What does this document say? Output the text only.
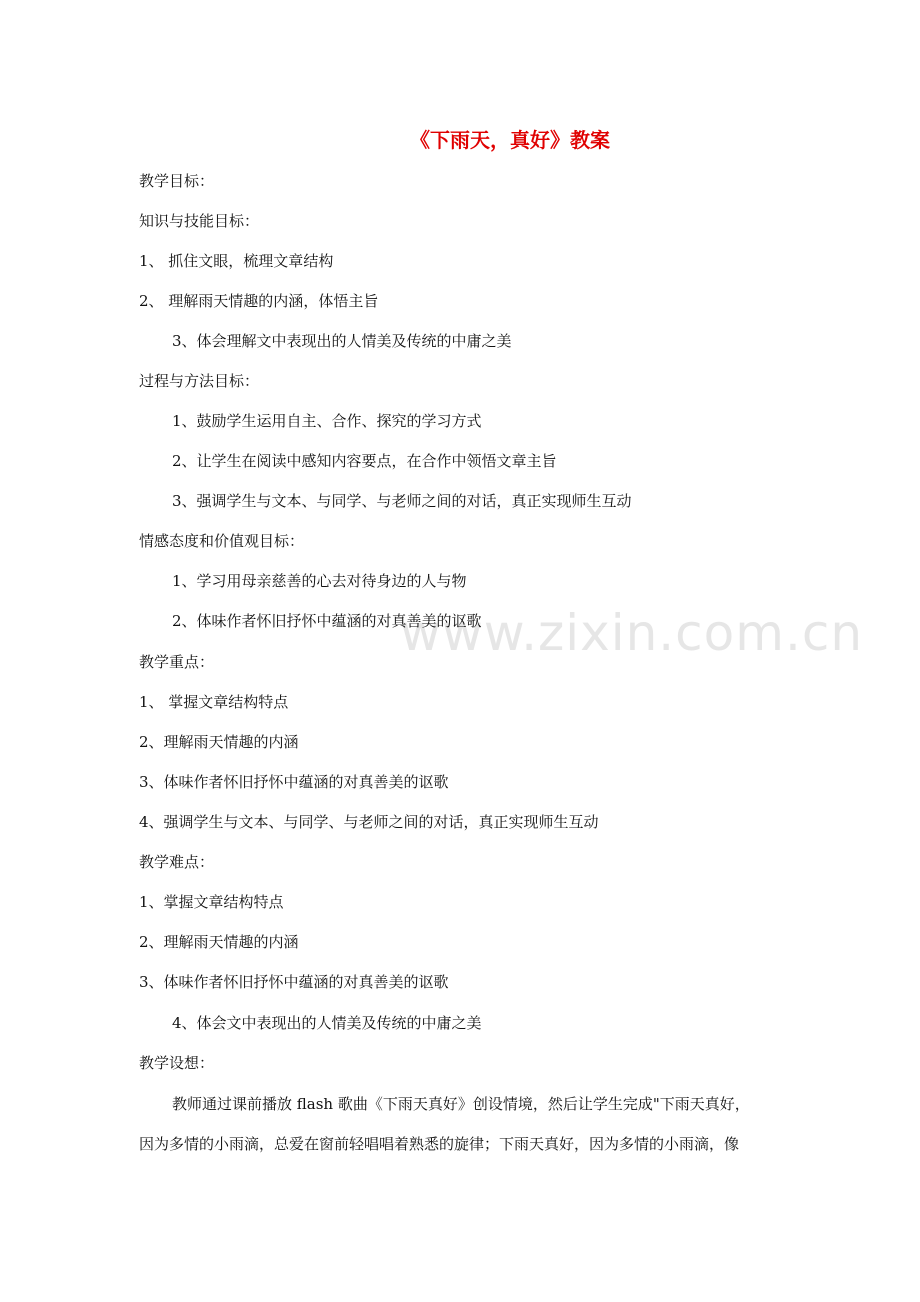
www.zixin.com.cn
《下雨天，真好》教案
教学目标：
知识与技能目标：
1、 抓住文眼，梳理文章结构
2、 理解雨天情趣的内涵，体悟主旨
3、体会理解文中表现出的人情美及传统的中庸之美
过程与方法目标：
1、鼓励学生运用自主、合作、探究的学习方式
2、让学生在阅读中感知内容要点，在合作中领悟文章主旨
3、强调学生与文本、与同学、与老师之间的对话，真正实现师生互动
情感态度和价值观目标：
1、学习用母亲慈善的心去对待身边的人与物
2、体味作者怀旧抒怀中蕴涵的对真善美的讴歌
教学重点：
1、 掌握文章结构特点
2、理解雨天情趣的内涵
3、体味作者怀旧抒怀中蕴涵的对真善美的讴歌
4、强调学生与文本、与同学、与老师之间的对话，真正实现师生互动
教学难点：
1、掌握文章结构特点
2、理解雨天情趣的内涵
3、体味作者怀旧抒怀中蕴涵的对真善美的讴歌
4、体会文中表现出的人情美及传统的中庸之美
教学设想：
教师通过课前播放 flash 歌曲《下雨天真好》创设情境，然后让学生完成"下雨天真好，
因为多情的小雨滴，总爱在窗前轻唱唱着熟悉的旋律；下雨天真好，因为多情的小雨滴，像
